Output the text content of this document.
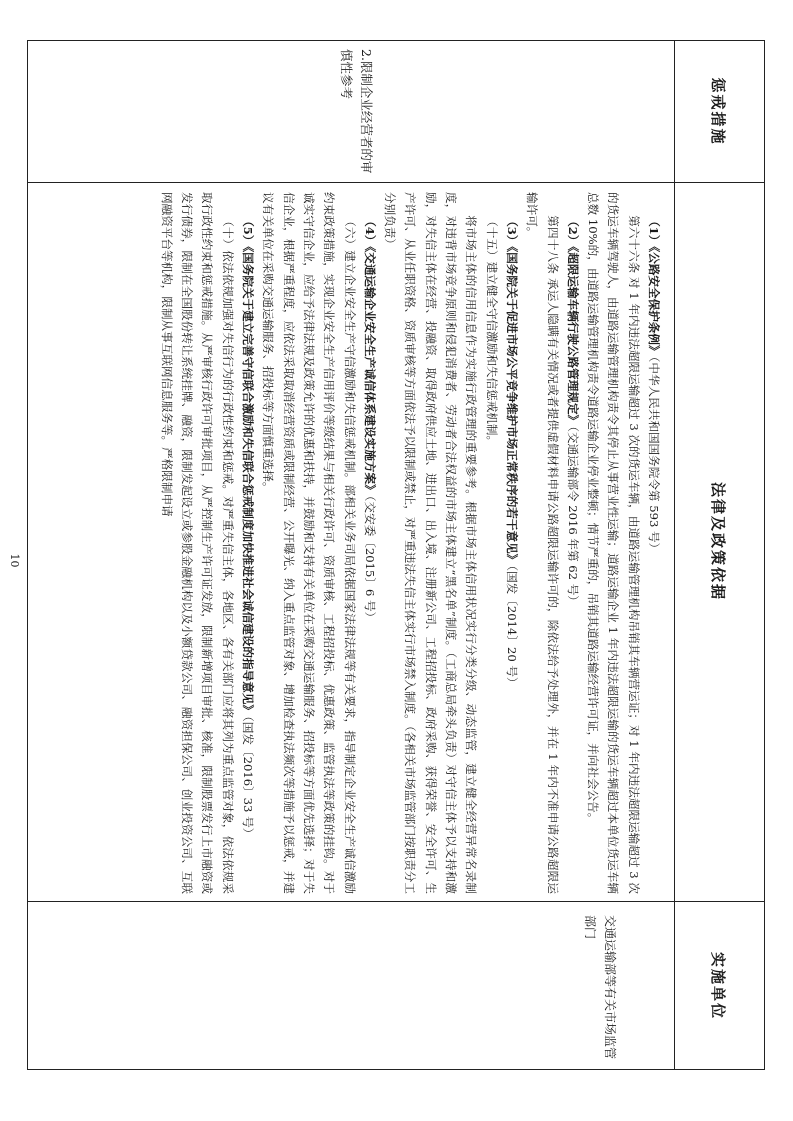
惩戒措施
法律及政策依据
实施单位
2.限制企业经营者的审慎性参考

（1）《公路安全保护条例》（中华人民共和国国务院令第 593 号）

第六十六条 对 1 年内违法超限运输超过 3 次的货运车辆，由道路运输管理机构吊销其车辆营运证；对 1 年内违法超限运输超过 3 次的货运车辆驾驶人，由道路运输管理机构责令其停止从事营业性运输；道路运输企业 1 年内违法超限运输的货运车辆超过本单位货运车辆总数 10%的，由道路运输管理机构责令道路运输企业停业整顿；情节严重的，吊销其道路运输经营许可证，并向社会公告。

（2）《超限运输车辆行驶公路管理规定》（交通运输部令 2016 年第 62 号）

第四十八条 承运人隐瞒有关情况或者提供虚假材料申请公路超限运输许可的，除依法给予处理外，并在 1 年内不准申请公路超限运输许可。

（3）《国务院关于促进市场公平竞争维护市场正常秩序的若干意见》（国发〔2014〕20 号）

（十五）建立健全守信激励和失信惩戒机制。

将市场主体的信用信息作为实施行政管理的重要参考。根据市场主体信用状况实行分类分级、动态监管，建立健全经营异常名录制度，对违背市场竞争原则和侵犯消费者、劳动者合法权益的市场主体建立“黑名单”制度。（工商总局牵头负责）对守信主体予以支持和激励，对失信主体在经营、投融资、取得政府供应土地、进出口、出入境、注册新公司、工程招投标、政府采购、获得荣誉、安全许可、生产许可、从业任职资格、资质审核等方面依法予以限制或禁止，对严重违法失信主体实行市场禁入制度。（各相关市场监管部门按职责分工分别负责）

（4）《交通运输企业安全生产诚信体系建设实施方案》（交安委〔2015〕6 号）

（六）建立企业安全生产守信激励和失信惩戒机制。部相关业务司局依据国家法律法规等有关要求，指导制定企业安全生产诚信激励约束政策措施，实现企业安全生产信用评价等级结果与相关行政许可、资质审核、工程招投标、优惠政策、监管执法等政策的挂钩。对于诚实守信企业，应给予法律法规及政策允许的优惠和扶持，并鼓励和支持有关单位在采购交通运输服务、招投标等方面优先选择；对于失信企业，根据严重程度，应依法采取取消经营资质或限制经营、公开曝光、纳入重点监管对象、增加检查执法频次等措施予以惩戒，并建议有关单位在采购交通运输服务、招投标等方面慎重选择。

（5）《国务院关于建立完善守信联合激励和失信联合惩戒制度加快推进社会诚信建设的指导意见》（国发〔2016〕33 号）

（十）依法依规加强对失信行为的行政性约束和惩戒。对严重失信主体，各地区、各有关部门应将其列为重点监管对象，依法依规采取行政性约束和惩戒措施。从严审核行政许可审批项目，从严控制生产许可证发放，限制新增项目审批、核准，限制股票发行上市融资或发行债券，限制在全国股份转让系统挂牌、融资，限制发起设立或参股金融机构以及小额贷款公司、融资担保公司、创业投资公司、互联网融资平台等机构，限制从事互联网信息服务等。严格限制申请

交通运输部等有关市场监管部门
10
